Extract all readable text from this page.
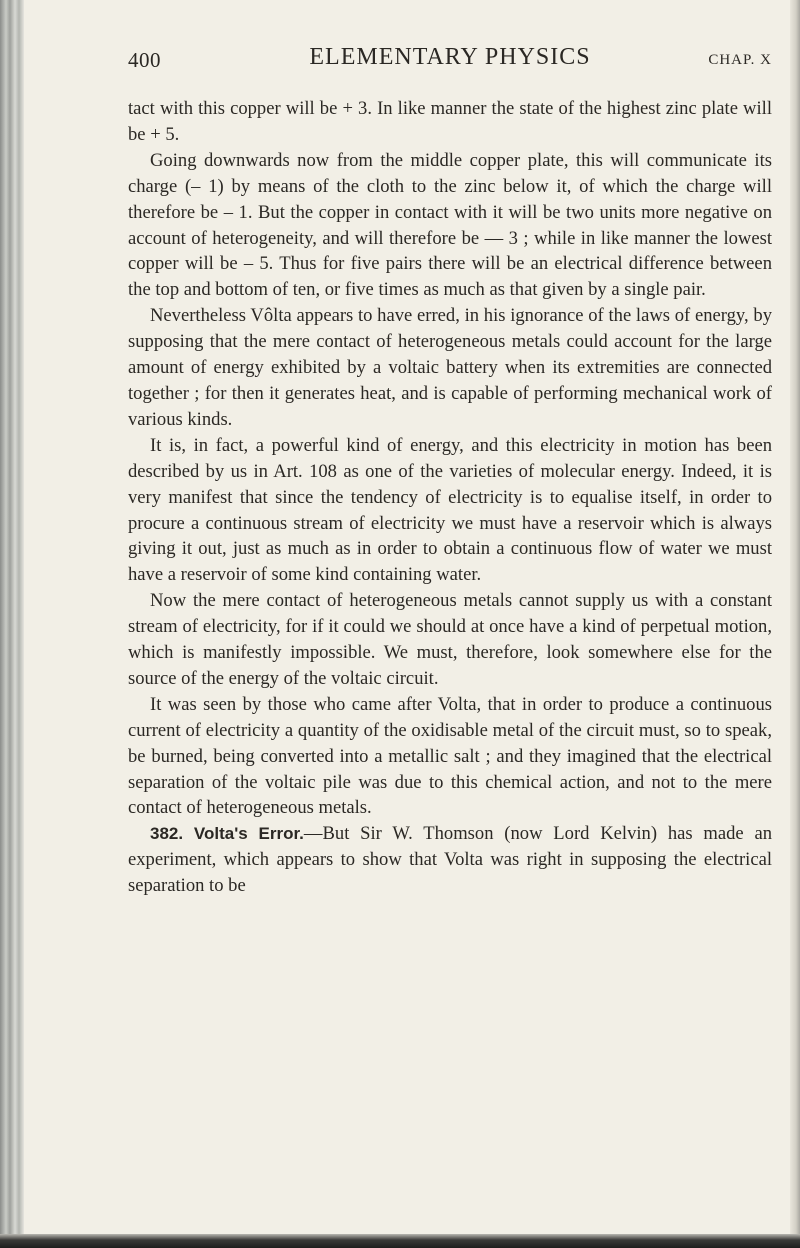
400	ELEMENTARY PHYSICS	CHAP. X

tact with this copper will be + 3. In like manner the state of the highest zinc plate will be + 5.

Going downwards now from the middle copper plate, this will communicate its charge (– 1) by means of the cloth to the zinc below it, of which the charge will therefore be – 1. But the copper in contact with it will be two units more negative on account of heterogeneity, and will therefore be — 3 ; while in like manner the lowest copper will be – 5. Thus for five pairs there will be an electrical difference between the top and bottom of ten, or five times as much as that given by a single pair.

Nevertheless Vôlta appears to have erred, in his ignorance of the laws of energy, by supposing that the mere contact of heterogeneous metals could account for the large amount of energy exhibited by a voltaic battery when its extremities are connected together ; for then it generates heat, and is capable of performing mechanical work of various kinds.

It is, in fact, a powerful kind of energy, and this electricity in motion has been described by us in Art. 108 as one of the varieties of molecular energy. Indeed, it is very manifest that since the tendency of electricity is to equalise itself, in order to procure a continuous stream of electricity we must have a reservoir which is always giving it out, just as much as in order to obtain a continuous flow of water we must have a reservoir of some kind containing water.

Now the mere contact of heterogeneous metals cannot supply us with a constant stream of electricity, for if it could we should at once have a kind of perpetual motion, which is manifestly impossible. We must, therefore, look somewhere else for the source of the energy of the voltaic circuit.

It was seen by those who came after Volta, that in order to produce a continuous current of electricity a quantity of the oxidisable metal of the circuit must, so to speak, be burned, being converted into a metallic salt ; and they imagined that the electrical separation of the voltaic pile was due to this chemical action, and not to the mere contact of heterogeneous metals.

382. Volta's Error.—But Sir W. Thomson (now Lord Kelvin) has made an experiment, which appears to show that Volta was right in supposing the electrical separation to be
